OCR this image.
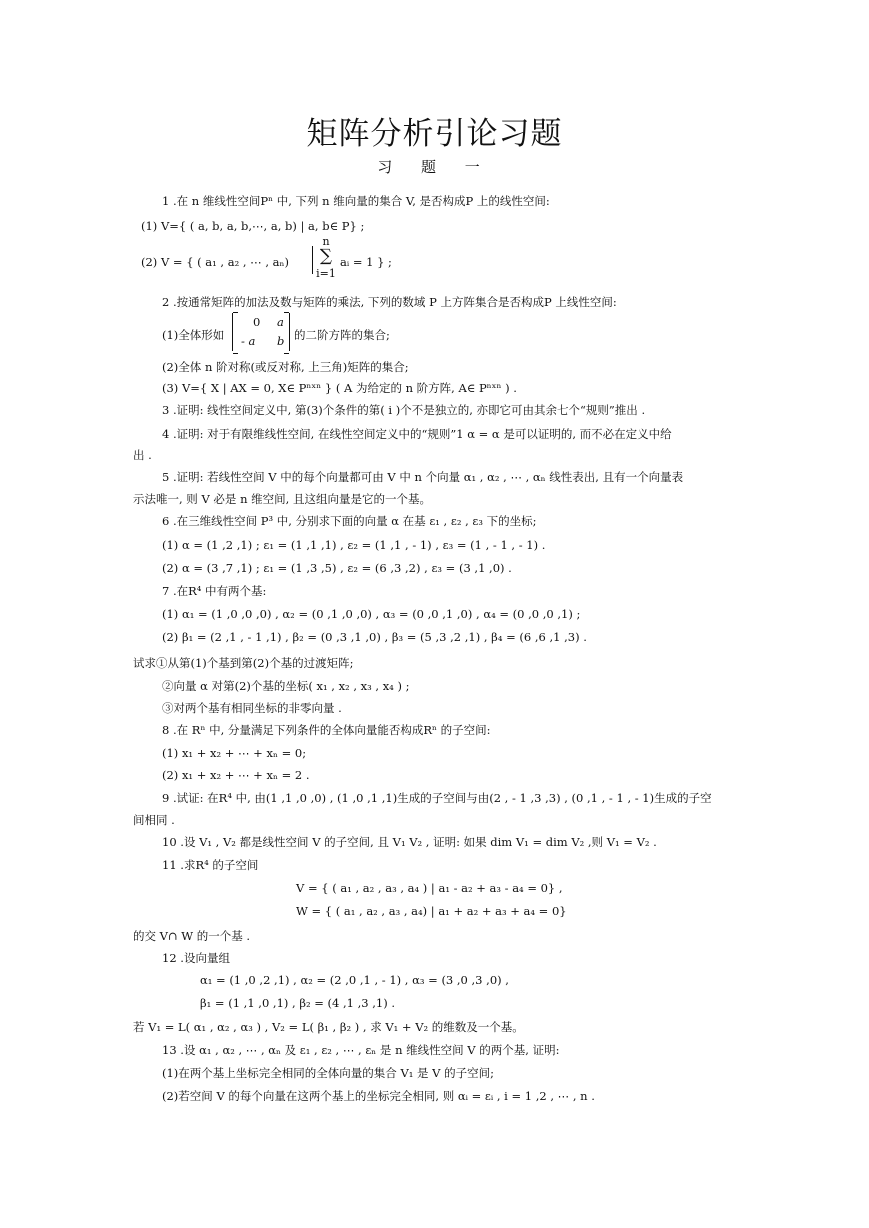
矩阵分析引论习题
习 题 一
1 .在 n 维线性空间Pⁿ 中, 下列 n 维向量的集合 V, 是否构成P 上的线性空间:
(1) V={ ( a, b, a, b,⋯, a, b) | a, b∈ P} ;
(2) V = { ( a₁ , a₂ , ⋯ , aₙ)
n
∑
i=1
aᵢ = 1 } ;
2 .按通常矩阵的加法及数与矩阵的乘法, 下列的数域 P 上方阵集合是否构成P 上线性空间:
(1)全体形如
0 a
- a b 的二阶方阵的集合;
(2)全体 n 阶对称(或反对称, 上三角)矩阵的集合;
(3) V={ X | AX = 0, X∈ Pⁿˣⁿ } ( A 为给定的 n 阶方阵, A∈ Pⁿˣⁿ ) .
3 .证明: 线性空间定义中, 第(3)个条件的第( i )个不是独立的, 亦即它可由其余七个“规则”推出 .
4 .证明: 对于有限维线性空间, 在线性空间定义中的“规则”1 α = α 是可以证明的, 而不必在定义中给
出 .
5 .证明: 若线性空间 V 中的每个向量都可由 V 中 n 个向量 α₁ , α₂ , ⋯ , αₙ 线性表出, 且有一个向量表
示法唯一, 则 V 必是 n 维空间, 且这组向量是它的一个基。
6 .在三维线性空间 P³ 中, 分别求下面的向量 α 在基 ε₁ , ε₂ , ε₃ 下的坐标;
(1) α = (1 ,2 ,1) ; ε₁ = (1 ,1 ,1) , ε₂ = (1 ,1 , - 1) , ε₃ = (1 , - 1 , - 1) .
(2) α = (3 ,7 ,1) ; ε₁ = (1 ,3 ,5) , ε₂ = (6 ,3 ,2) , ε₃ = (3 ,1 ,0) .
7 .在R⁴ 中有两个基:
(1) α₁ = (1 ,0 ,0 ,0) , α₂ = (0 ,1 ,0 ,0) , α₃ = (0 ,0 ,1 ,0) , α₄ = (0 ,0 ,0 ,1) ;
(2) β₁ = (2 ,1 , - 1 ,1) , β₂ = (0 ,3 ,1 ,0) , β₃ = (5 ,3 ,2 ,1) , β₄ = (6 ,6 ,1 ,3) .
试求①从第(1)个基到第(2)个基的过渡矩阵;
②向量 α 对第(2)个基的坐标( x₁ , x₂ , x₃ , x₄ ) ;
③对两个基有相同坐标的非零向量 .
8 .在 Rⁿ 中, 分量满足下列条件的全体向量能否构成Rⁿ 的子空间:
(1) x₁ + x₂ + ⋯ + xₙ = 0;
(2) x₁ + x₂ + ⋯ + xₙ = 2 .
9 .试证: 在R⁴ 中, 由(1 ,1 ,0 ,0) , (1 ,0 ,1 ,1)生成的子空间与由(2 , - 1 ,3 ,3) , (0 ,1 , - 1 , - 1)生成的子空
间相同 .
10 .设 V₁ , V₂ 都是线性空间 V 的子空间, 且 V₁ V₂ , 证明: 如果 dim V₁ = dim V₂ ,则 V₁ = V₂ .
11 .求R⁴ 的子空间
V = { ( a₁ , a₂ , a₃ , a₄ ) | a₁ - a₂ + a₃ - a₄ = 0} ,
W = { ( a₁ , a₂ , a₃ , a₄) | a₁ + a₂ + a₃ + a₄ = 0}
的交 V∩ W 的一个基 .
12 .设向量组
α₁ = (1 ,0 ,2 ,1) , α₂ = (2 ,0 ,1 , - 1) , α₃ = (3 ,0 ,3 ,0) ,
β₁ = (1 ,1 ,0 ,1) , β₂ = (4 ,1 ,3 ,1) .
若 V₁ = L( α₁ , α₂ , α₃ ) , V₂ = L( β₁ , β₂ ) , 求 V₁ + V₂ 的维数及一个基。
13 .设 α₁ , α₂ , ⋯ , αₙ 及 ε₁ , ε₂ , ⋯ , εₙ 是 n 维线性空间 V 的两个基, 证明:
(1)在两个基上坐标完全相同的全体向量的集合 V₁ 是 V 的子空间;
(2)若空间 V 的每个向量在这两个基上的坐标完全相同, 则 αᵢ = εᵢ , i = 1 ,2 , ⋯ , n .
